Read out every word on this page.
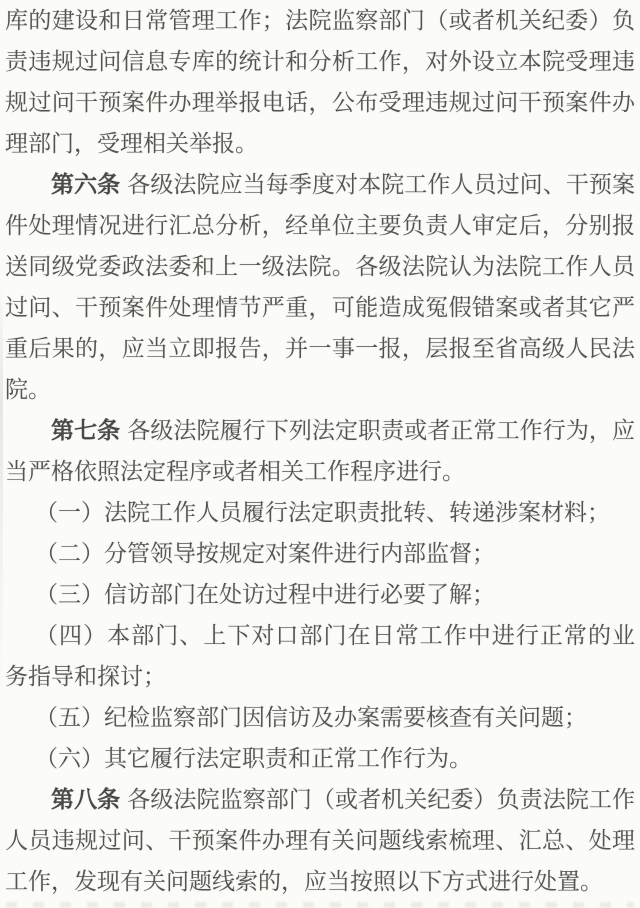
库的建设和日常管理工作；法院监察部门（或者机关纪委）负
责违规过问信息专库的统计和分析工作，对外设立本院受理违
规过问干预案件办理举报电话，公布受理违规过问干预案件办
理部门，受理相关举报。
第六条 各级法院应当每季度对本院工作人员过问、干预案
件处理情况进行汇总分析，经单位主要负责人审定后，分别报
送同级党委政法委和上一级法院。各级法院认为法院工作人员
过问、干预案件处理情节严重，可能造成冤假错案或者其它严
重后果的，应当立即报告，并一事一报，层报至省高级人民法
院。
第七条 各级法院履行下列法定职责或者正常工作行为，应
当严格依照法定程序或者相关工作程序进行。
（一）法院工作人员履行法定职责批转、转递涉案材料；
（二）分管领导按规定对案件进行内部监督；
（三）信访部门在处访过程中进行必要了解；
（四）本部门、上下对口部门在日常工作中进行正常的业
务指导和探讨；
（五）纪检监察部门因信访及办案需要核查有关问题；
（六）其它履行法定职责和正常工作行为。
第八条 各级法院监察部门（或者机关纪委）负责法院工作
人员违规过问、干预案件办理有关问题线索梳理、汇总、处理
工作，发现有关问题线索的，应当按照以下方式进行处置。
